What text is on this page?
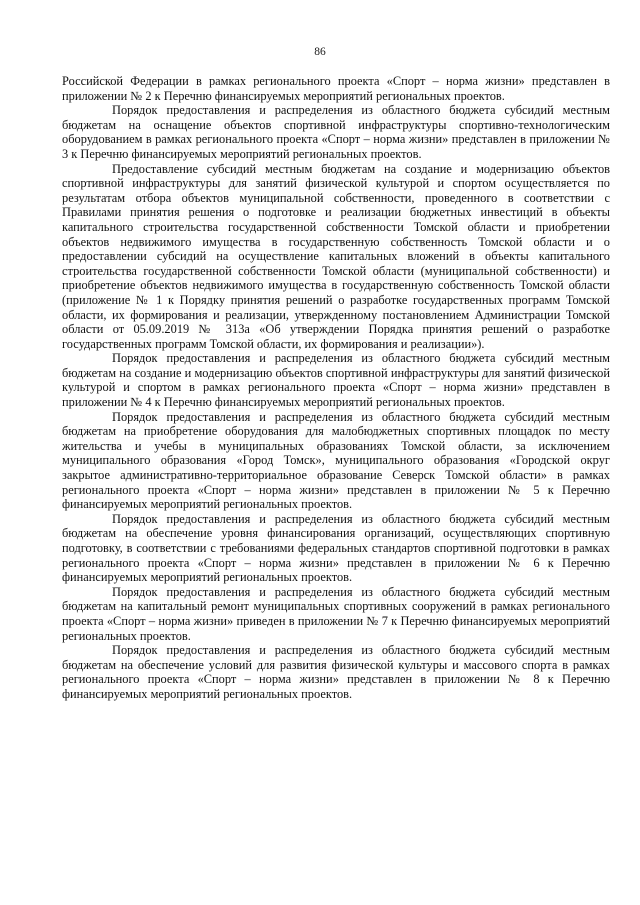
86

Российской Федерации в рамках регионального проекта «Спорт – норма жизни» представлен в приложении № 2 к Перечню финансируемых мероприятий региональных проектов.

Порядок предоставления и распределения из областного бюджета субсидий местным бюджетам на оснащение объектов спортивной инфраструктуры спортивно-технологическим оборудованием в рамках регионального проекта «Спорт – норма жизни» представлен в приложении № 3 к Перечню финансируемых мероприятий региональных проектов.

Предоставление субсидий местным бюджетам на создание и модернизацию объектов спортивной инфраструктуры для занятий физической культурой и спортом осуществляется по результатам отбора объектов муниципальной собственности, проведенного в соответствии с Правилами принятия решения о подготовке и реализации бюджетных инвестиций в объекты капитального строительства государственной собственности Томской области и приобретении объектов недвижимого имущества в государственную собственность Томской области и о предоставлении субсидий на осуществление капитальных вложений в объекты капитального строительства государственной собственности Томской области (муниципальной собственности) и приобретение объектов недвижимого имущества в государственную собственность Томской области (приложение № 1 к Порядку принятия решений о разработке государственных программ Томской области, их формирования и реализации, утвержденному постановлением Администрации Томской области от 05.09.2019 № 313а «Об утверждении Порядка принятия решений о разработке государственных программ Томской области, их формирования и реализации»).

Порядок предоставления и распределения из областного бюджета субсидий местным бюджетам на создание и модернизацию объектов спортивной инфраструктуры для занятий физической культурой и спортом в рамках регионального проекта «Спорт – норма жизни» представлен в приложении № 4 к Перечню финансируемых мероприятий региональных проектов.

Порядок предоставления и распределения из областного бюджета субсидий местным бюджетам на приобретение оборудования для малобюджетных спортивных площадок по месту жительства и учебы в муниципальных образованиях Томской области, за исключением муниципального образования «Город Томск», муниципального образования «Городской округ закрытое административно-территориальное образование Северск Томской области» в рамках регионального проекта «Спорт – норма жизни» представлен в приложении № 5 к Перечню финансируемых мероприятий региональных проектов.

Порядок предоставления и распределения из областного бюджета субсидий местным бюджетам на обеспечение уровня финансирования организаций, осуществляющих спортивную подготовку, в соответствии с требованиями федеральных стандартов спортивной подготовки в рамках регионального проекта «Спорт – норма жизни» представлен в приложении № 6 к Перечню финансируемых мероприятий региональных проектов.

Порядок предоставления и распределения из областного бюджета субсидий местным бюджетам на капитальный ремонт муниципальных спортивных сооружений в рамках регионального проекта «Спорт – норма жизни» приведен в приложении № 7 к Перечню финансируемых мероприятий региональных проектов.

Порядок предоставления и распределения из областного бюджета субсидий местным бюджетам на обеспечение условий для развития физической культуры и массового спорта в рамках регионального проекта «Спорт – норма жизни» представлен в приложении № 8 к Перечню финансируемых мероприятий региональных проектов.
